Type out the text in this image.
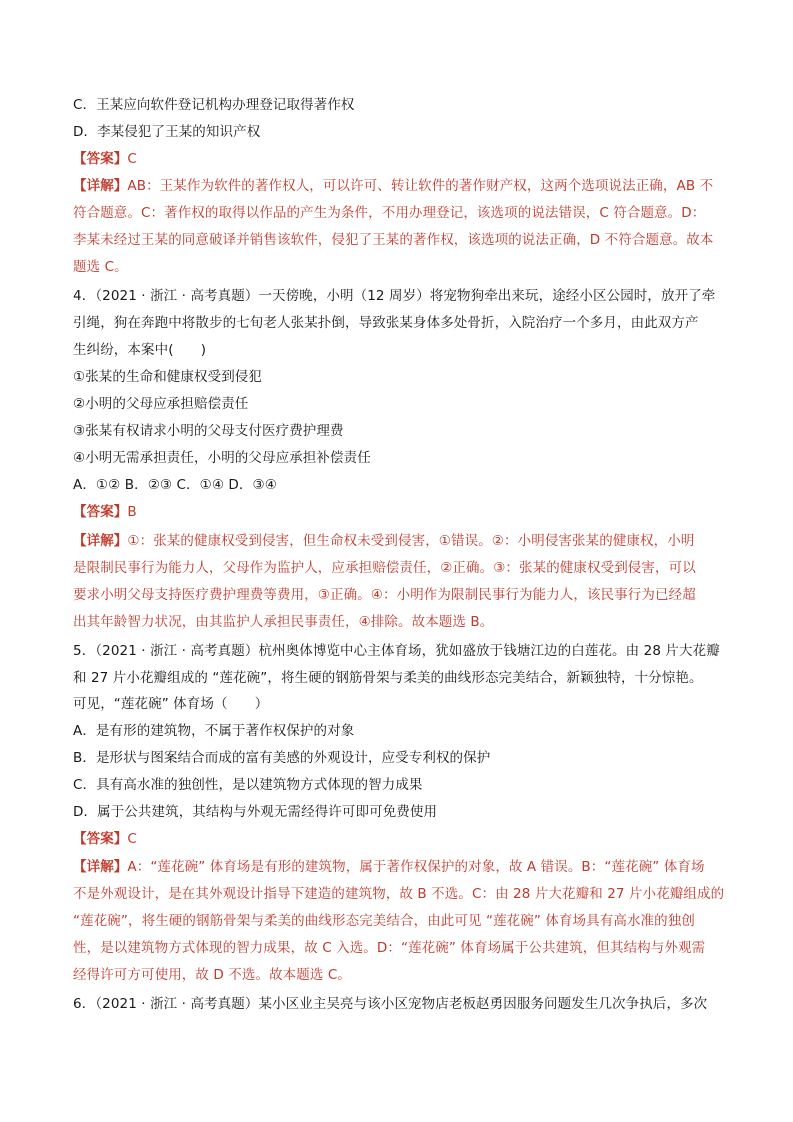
C．王某应向软件登记机构办理登记取得著作权
D．李某侵犯了王某的知识产权
【答案】C
【详解】AB：王某作为软件的著作权人，可以许可、转让软件的著作财产权，这两个选项说法正确，AB 不
符合题意。C：著作权的取得以作品的产生为条件，不用办理登记，该选项的说法错误，C 符合题意。D：
李某未经过王某的同意破译并销售该软件，侵犯了王某的著作权，该选项的说法正确，D 不符合题意。故本
题选 C。
4．（2021 · 浙江 · 高考真题）一天傍晚，小明（12 周岁）将宠物狗牵出来玩，途经小区公园时，放开了牵
引绳，狗在奔跑中将散步的七旬老人张某扑倒，导致张某身体多处骨折，入院治疗一个多月，由此双方产
生纠纷，本案中(　　)
①张某的生命和健康权受到侵犯
②小明的父母应承担赔偿责任
③张某有权请求小明的父母支付医疗费护理费
④小明无需承担责任，小明的父母应承担补偿责任
A．①② B．②③ C．①④ D．③④
【答案】B
【详解】①：张某的健康权受到侵害，但生命权未受到侵害，①错误。②：小明侵害张某的健康权，小明
是限制民事行为能力人，父母作为监护人，应承担赔偿责任，②正确。③：张某的健康权受到侵害，可以
要求小明父母支持医疗费护理费等费用，③正确。④：小明作为限制民事行为能力人，该民事行为已经超
出其年龄智力状况，由其监护人承担民事责任，④排除。故本题选 B。
5．（2021 · 浙江 · 高考真题）杭州奥体博览中心主体育场，犹如盛放于钱塘江边的白莲花。由 28 片大花瓣
和 27 片小花瓣组成的 “莲花碗”，将生硬的钢筋骨架与柔美的曲线形态完美结合，新颖独特，十分惊艳。
可见，“莲花碗” 体育场（　　）
A．是有形的建筑物，不属于著作权保护的对象
B．是形状与图案结合而成的富有美感的外观设计，应受专利权的保护
C．具有高水准的独创性，是以建筑物方式体现的智力成果
D．属于公共建筑，其结构与外观无需经得许可即可免费使用
【答案】C
【详解】A：“莲花碗” 体育场是有形的建筑物，属于著作权保护的对象，故 A 错误。B：“莲花碗” 体育场
不是外观设计，是在其外观设计指导下建造的建筑物，故 B 不选。C：由 28 片大花瓣和 27 片小花瓣组成的
“莲花碗”，将生硬的钢筋骨架与柔美的曲线形态完美结合，由此可见 “莲花碗” 体育场具有高水准的独创
性，是以建筑物方式体现的智力成果，故 C 入选。D：“莲花碗” 体育场属于公共建筑，但其结构与外观需
经得许可方可使用，故 D 不选。故本题选 C。
6．（2021 · 浙江 · 高考真题）某小区业主吴亮与该小区宠物店老板赵勇因服务问题发生几次争执后，多次
